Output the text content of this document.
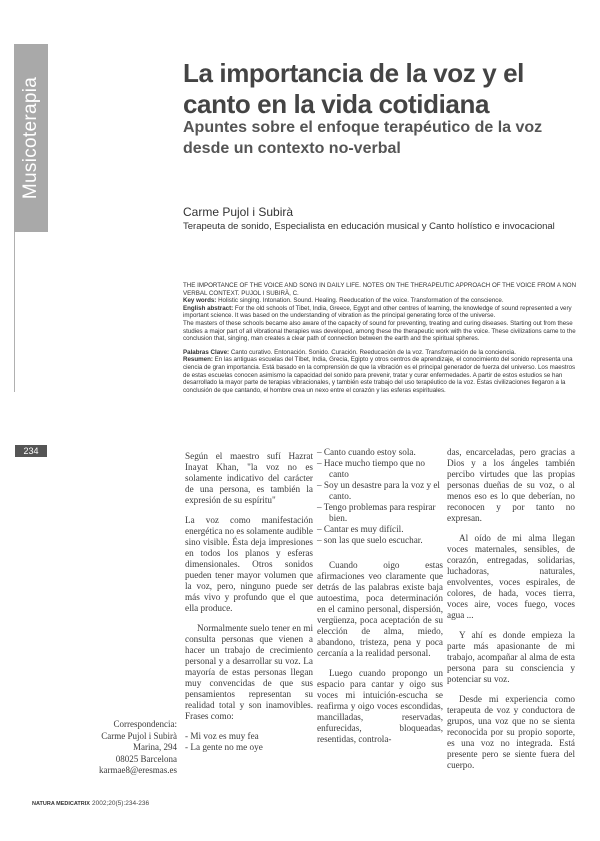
Musicoterapia
234
La importancia de la voz y el canto en la vida cotidiana
Apuntes sobre el enfoque terapéutico de la voz desde un contexto no-verbal
Carme Pujol i Subirà
Terapeuta de sonido, Especialista en educación musical y Canto holístico e invocacional

THE IMPORTANCE OF THE VOICE AND SONG IN DAILY LIFE. NOTES ON THE THERAPEUTIC APPROACH OF THE VOICE FROM A NON VERBAL CONTEXT. PUJOL I SUBIRÀ, C.

Key words: Holistic singing. Intonation. Sound. Healing. Reeducation of the voice. Transformation of the conscience.
English abstract: For the old schools of Tibet, India, Greece, Egypt and other centres of learning, the knowledge of sound represented a very important science. It was based on the understanding of vibration as the principal generating force of the universe.
The masters of these schools became also aware of the capacity of sound for preventing, treating and curing diseases. Starting out from these studies a major part of all vibrational therapies was developed, among these the therapeutic work with the voice. These civilizations came to the conclusion that, singing, man creates a clear path of connection between the earth and the spiritual spheres.

Palabras Clave: Canto curativo. Entonación. Sonido. Curación. Reeducación de la voz. Transformación de la conciencia.
Resumen: En las antiguas escuelas del Tíbet, India, Grecia, Egipto y otros centros de aprendizaje, el conocimiento del sonido representa una ciencia de gran importancia. Está basado en la comprensión de que la vibración es el principal generador de fuerza del universo. Los maestros de estas escuelas conocen asimismo la capacidad del sonido para prevenir, tratar y curar enfermedades. A partir de estos estudios se han desarrollado la mayor parte de terapias vibracionales, y también este trabajo del uso terapéutico de la voz. Estas civilizaciones llegaron a la conclusión de que cantando, el hombre crea un nexo entre el corazón y las esferas espirituales.

Según el maestro sufí Hazrat Inayat Khan, "la voz no es solamente indicativo del carácter de una persona, es también la expresión de su espíritu"

La voz como manifestación energética no es solamente audible sino visible. Ésta deja impresiones en todos los planos y esferas dimensionales. Otros sonidos pueden tener mayor volumen que la voz, pero, ninguno puede ser más vivo y profundo que el que ella produce.

Normalmente suelo tener en mi consulta personas que vienen a hacer un trabajo de crecimiento personal y a desarrollar su voz. La mayoría de estas personas llegan muy convencidas de que sus pensamientos representan su realidad total y son inamovibles. Frases como:

- Mi voz es muy fea
- La gente no me oye
– Canto cuando estoy sola.
– Hace mucho tiempo que no canto
– Soy un desastre para la voz y el canto.
– Tengo problemas para respirar bien.
– Cantar es muy difícil.
– son las que suelo escuchar.

Cuando oigo estas afirmaciones veo claramente que detrás de las palabras existe baja autoestima, poca determinación en el camino personal, dispersión, vergüenza, poca aceptación de su elección de alma, miedo, abandono, tristeza, pena y poca cercanía a la realidad personal.

Luego cuando propongo un espacio para cantar y oigo sus voces mi intuición-escucha se reafirma y oigo voces escondidas, mancilladas, reservadas, enfurecidas, bloqueadas, resentidas, controla-

das, encarceladas, pero gracias a Dios y a los ángeles también percibo virtudes que las propias personas dueñas de su voz, o al menos eso es lo que deberían, no reconocen y por tanto no expresan.

Al oído de mi alma llegan voces maternales, sensibles, de corazón, entregadas, solidarias, luchadoras, naturales, envolventes, voces espirales, de colores, de hada, voces tierra, voces aire, voces fuego, voces agua ...

Y ahí es donde empieza la parte más apasionante de mi trabajo, acompañar al alma de esta persona para su consciencia y potenciar su voz.

Desde mi experiencia como terapeuta de voz y conductora de grupos, una voz que no se sienta reconocida por su propio soporte, es una voz no integrada. Está presente pero se siente fuera del cuerpo.

Correspondencia:
Carme Pujol i Subirà
Marina, 294
08025 Barcelona
karmae8@eresmas.es
NATURA MEDICATRIX 2002;20(5):234-236
